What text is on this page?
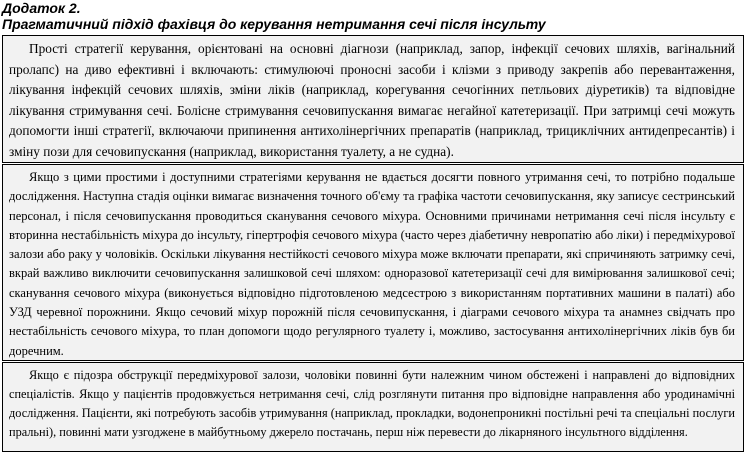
Додаток 2.
Прагматичний підхід фахівця до керування нетримання сечі після інсульту

Прості стратегії керування, орієнтовані на основні діагнози (наприклад, запор, інфекції сечових шляхів, вагінальний пролапс) на диво ефективні і включають: стимулюючі проносні засоби і клізми з приводу закрепів або перевантаження, лікування інфекцій сечових шляхів, зміни ліків (наприклад, корегування сечогінних петльових діуретиків) та відповідне лікування стримування сечі. Болісне стримування сечовипускання вимагає негайної катетеризації. При затримці сечі можуть допомогти інші стратегії, включаючи припинення антихолінергічних препаратів (наприклад, трициклічних антидепресантів) і зміну пози для сечовипускання (наприклад, використання туалету, а не судна).

Якщо з цими простими і доступними стратегіями керування не вдається досягти повного утримання сечі, то потрібно подальше дослідження. Наступна стадія оцінки вимагає визначення точного об'єму та графіка частоти сечовипускання, яку записує сестринський персонал, і після сечовипускання проводиться сканування сечового міхура. Основними причинами нетримання сечі після інсульту є вторинна нестабільність міхура до інсульту, гіпертрофія сечового міхура (часто через діабетичну невропатію або ліки) і передміхурової залози або раку у чоловіків. Оскільки лікування нестійкості сечового міхура може включати препарати, які спричиняють затримку сечі, вкрай важливо виключити сечовипускання залишковой сечі шляхом: одноразової катетеризації сечі для вимірювання залишкової сечі; сканування сечового міхура (виконується відповідно підготовленою медсестрою з використанням портативних машини в палаті) або УЗД черевної порожнини. Якщо сечовий міхур порожній після сечовипускання, і діаграми сечового міхура та анамнез свідчать про нестабільність сечового міхура, то план допомоги щодо регулярного туалету і, можливо, застосування антихолінергічних ліків був би доречним.

Якщо є підозра обструкції передміхурової залози, чоловіки повинні бути належним чином обстежені і направлені до відповідних спеціалістів. Якщо у пацієнтів продовжується нетримання сечі, слід розглянути питання про відповідне направлення або уродинамічні дослідження. Пацієнти, які потребують засобів утримування (наприклад, прокладки, водонепроникні постільні речі та спеціальні послуги пральні), повинні мати узгоджене в майбутньому джерело постачань, перш ніж перевести до лікарняного інсультного відділення.
